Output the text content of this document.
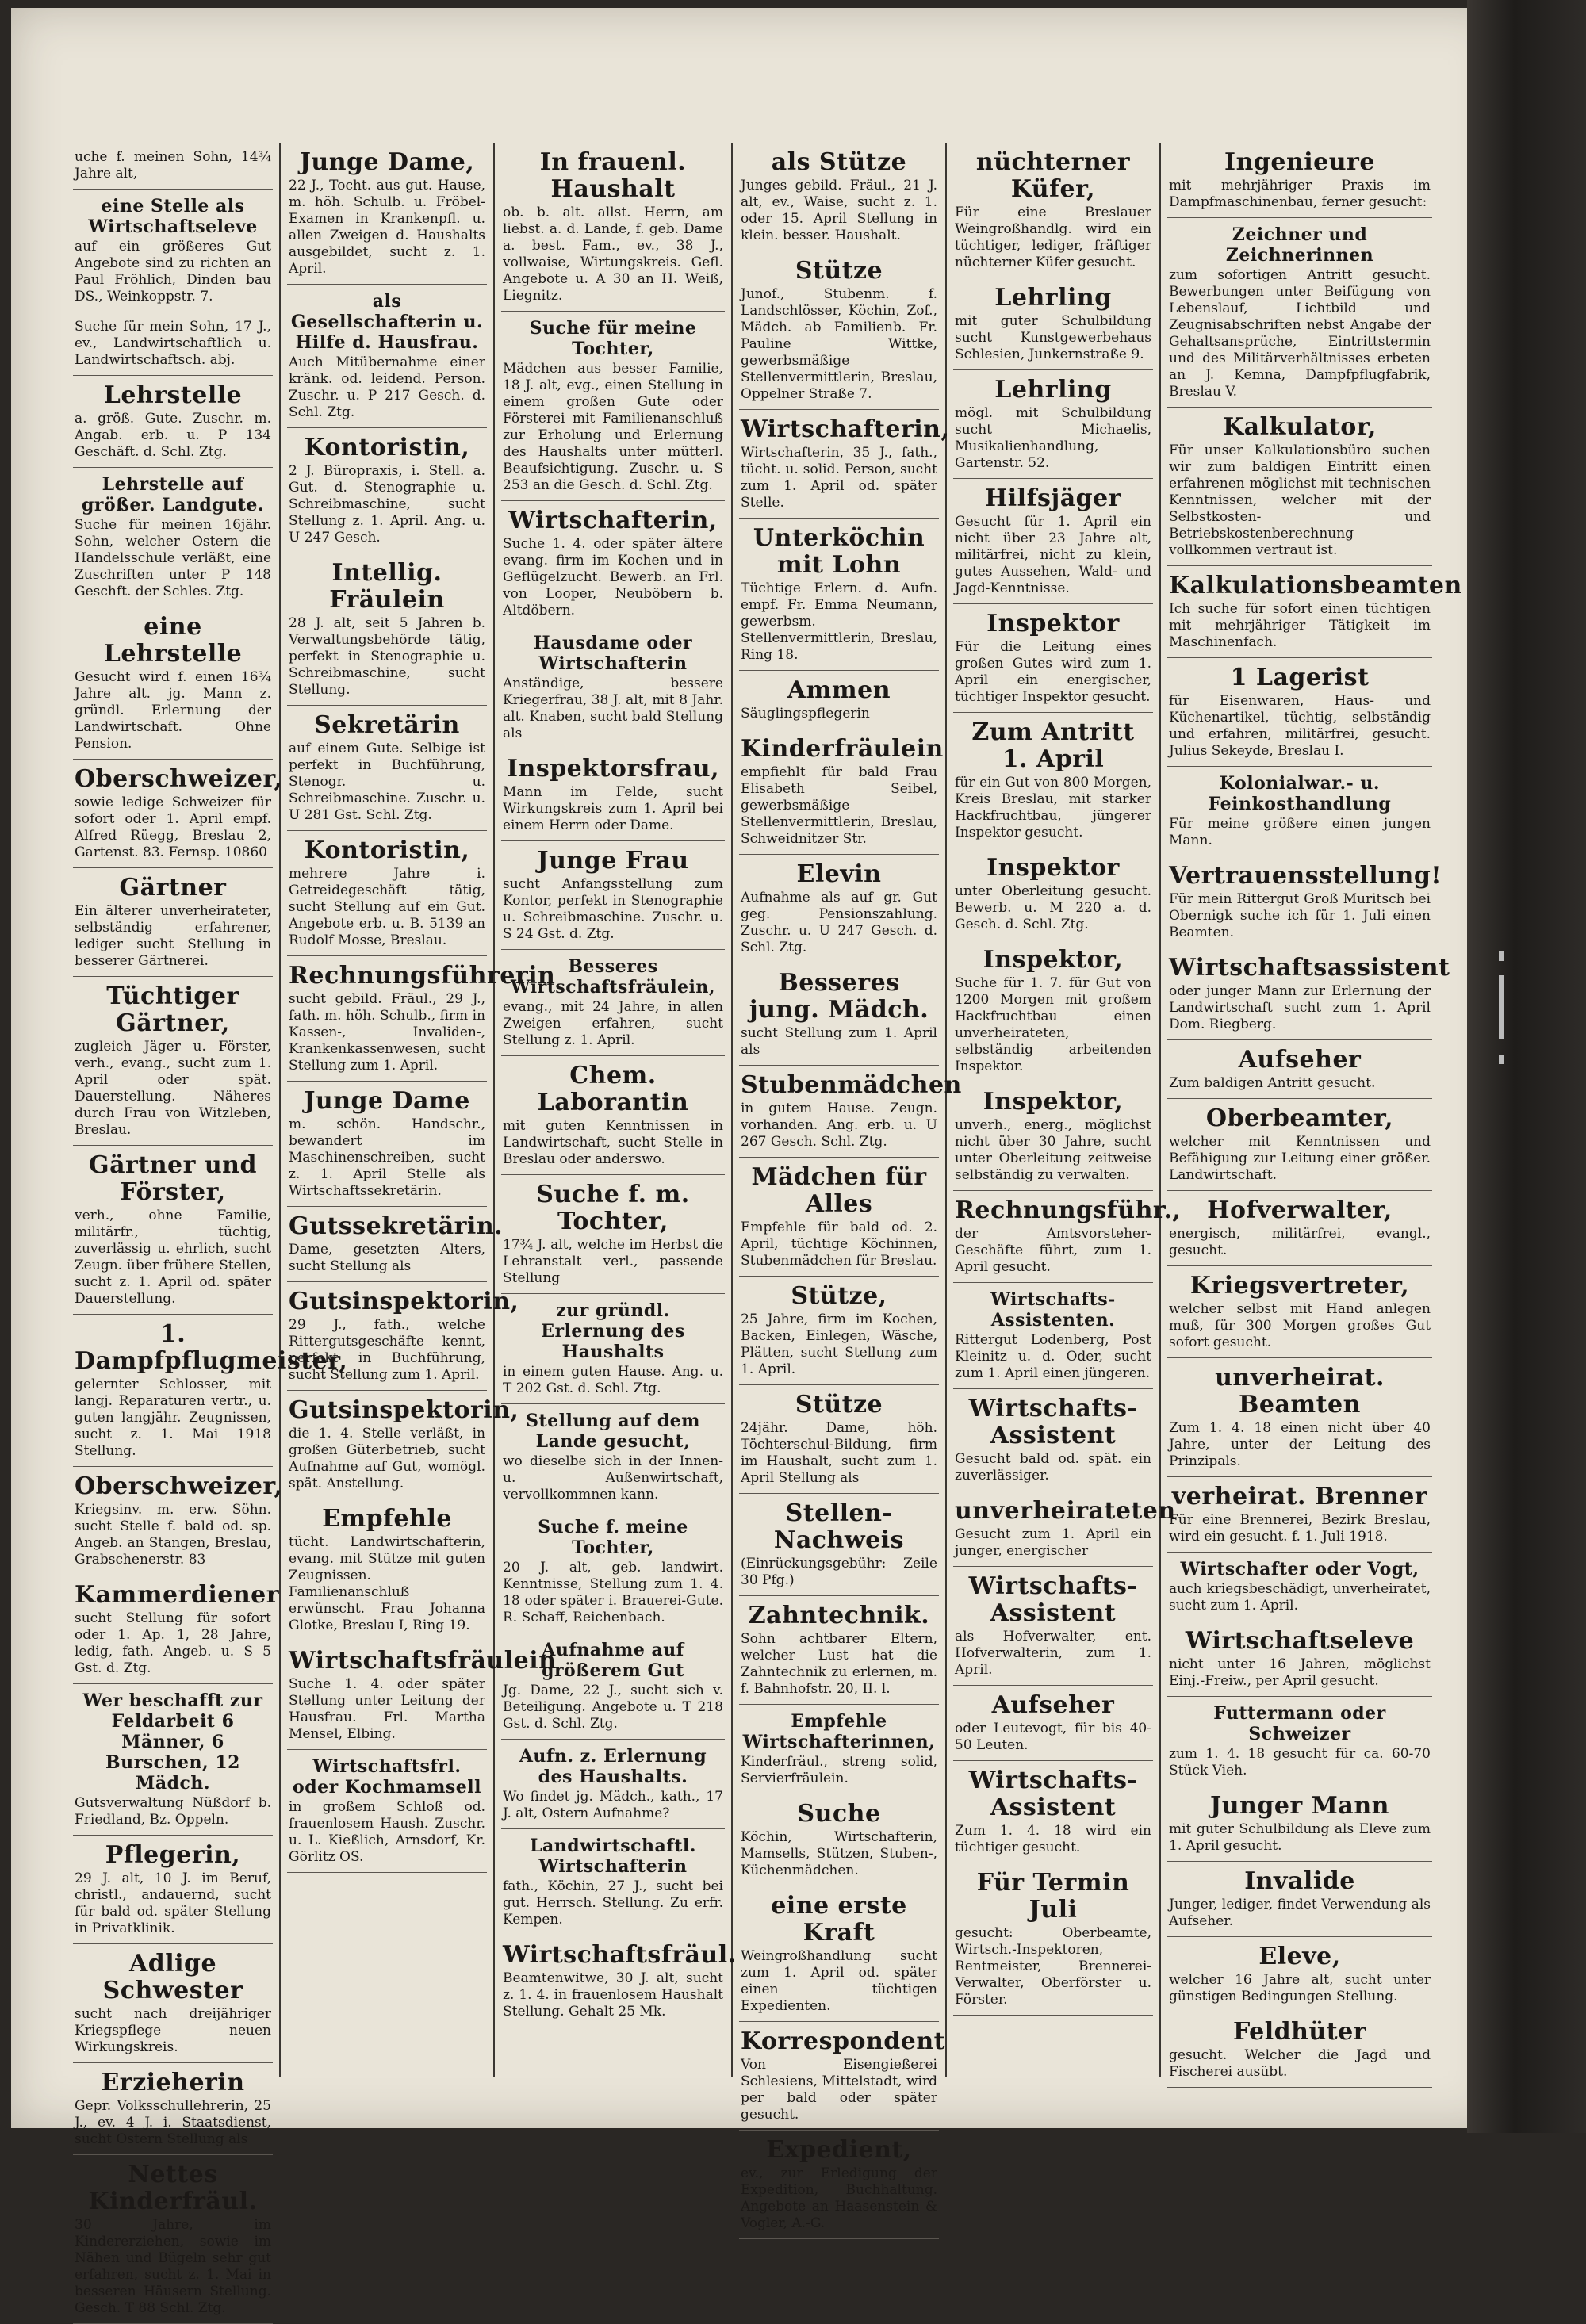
uche f. meinen Sohn, 14¾ Jahre alt,

eine Stelle als Wirtschaftseleve

auf ein größeres Gut Angebote sind zu richten an Paul Fröhlich, Dinden bau DS., Weinkoppstr. 7.

Suche für mein Sohn, 17 J., ev., Landwirtschaftlich u. Landwirtschaftsch. abj.

Lehrstelle

a. größ. Gute. Zuschr. m. Angab. erb. u. P 134 Geschäft. d. Schl. Ztg.

Lehrstelle auf größer. Landgute.

Suche für meinen 16jähr. Sohn, welcher Ostern die Handelsschule verläßt, eine Zuschriften unter P 148 Geschft. der Schles. Ztg.

eine Lehrstelle

Gesucht wird f. einen 16¾ Jahre alt. jg. Mann z. gründl. Erlernung der Landwirtschaft. Ohne Pension.

Oberschweizer,

sowie ledige Schweizer für sofort oder 1. April empf. Alfred Rüegg, Breslau 2, Gartenst. 83. Fernsp. 10860

Gärtner

Ein älterer unverheirateter, selbständig erfahrener, lediger sucht Stellung in besserer Gärtnerei.

Tüchtiger Gärtner,

zugleich Jäger u. Förster, verh., evang., sucht zum 1. April oder spät. Dauerstellung. Näheres durch Frau von Witzleben, Breslau.

Gärtner und Förster,

verh., ohne Familie, militärfr., tüchtig, zuverlässig u. ehrlich, sucht Zeugn. über frühere Stellen, sucht z. 1. April od. später Dauerstellung.

1. Dampfpflugmeister,

gelernter Schlosser, mit langj. Reparaturen vertr., u. guten langjähr. Zeugnissen, sucht z. 1. Mai 1918 Stellung.

Oberschweizer,

Kriegsinv. m. erw. Söhn. sucht Stelle f. bald od. sp. Angeb. an Stangen, Breslau, Grabschenerstr. 83

Kammerdiener

sucht Stellung für sofort oder 1. Ap. 1, 28 Jahre, ledig, fath. Angeb. u. S 5 Gst. d. Ztg.

Wer beschafft zur Feldarbeit 6 Männer, 6 Burschen, 12 Mädch.

Gutsverwaltung Nüßdorf b. Friedland, Bz. Oppeln.

Pflegerin,

29 J. alt, 10 J. im Beruf, christl., andauernd, sucht für bald od. später Stellung in Privatklinik.

Adlige Schwester

sucht nach dreijähriger Kriegspflege neuen Wirkungskreis.

Erzieherin

Gepr. Volksschullehrerin, 25 J., ev. 4 J. i. Staatsdienst, sucht Ostern Stellung als

Nettes Kinderfräul.

30 Jahre, im Kindererziehen, sowie im Nähen und Bügeln sehr gut erfahren, sucht z. 1. Mai in besseren Häusern Stellung. Gesch. T 88 Schl. Ztg.

Junge Dame,

22 J., Tocht. aus gut. Hause, m. höh. Schulb. u. Fröbel-Examen in Krankenpfl. u. allen Zweigen d. Haushalts ausgebildet, sucht z. 1. April.

als Gesellschafterin u. Hilfe d. Hausfrau.

Auch Mitübernahme einer kränk. od. leidend. Person. Zuschr. u. P 217 Gesch. d. Schl. Ztg.

Kontoristin,

2 J. Büropraxis, i. Stell. a. Gut. d. Stenographie u. Schreibmaschine, sucht Stellung z. 1. April. Ang. u. U 247 Gesch.

Intellig. Fräulein

28 J. alt, seit 5 Jahren b. Verwaltungsbehörde tätig, perfekt in Stenographie u. Schreibmaschine, sucht Stellung.

Sekretärin

auf einem Gute. Selbige ist perfekt in Buchführung, Stenogr. u. Schreibmaschine. Zuschr. u. U 281 Gst. Schl. Ztg.

Kontoristin,

mehrere Jahre i. Getreidegeschäft tätig, sucht Stellung auf ein Gut. Angebote erb. u. B. 5139 an Rudolf Mosse, Breslau.

Rechnungsführerin

sucht gebild. Fräul., 29 J., fath. m. höh. Schulb., firm in Kassen-, Invaliden-, Krankenkassenwesen, sucht Stellung zum 1. April.

Junge Dame

m. schön. Handschr., bewandert im Maschinenschreiben, sucht z. 1. April Stelle als Wirtschaftssekretärin.

Gutssekretärin.

Dame, gesetzten Alters, sucht Stellung als

Gutsinspektorin,

29 J., fath., welche Rittergutsgeschäfte kennt, perfekt in Buchführung, sucht Stellung zum 1. April.

Gutsinspektorin,

die 1. 4. Stelle verläßt, in großen Güterbetrieb, sucht Aufnahme auf Gut, womögl. spät. Anstellung.

Empfehle

tücht. Landwirtschafterin, evang. mit Stütze mit guten Zeugnissen. Familienanschluß erwünscht. Frau Johanna Glotke, Breslau I, Ring 19.

Wirtschaftsfräulein

Suche 1. 4. oder später Stellung unter Leitung der Hausfrau. Frl. Martha Mensel, Elbing.

Wirtschaftsfrl. oder Kochmamsell

in großem Schloß od. frauenlosem Haush. Zuschr. u. L. Kießlich, Arnsdorf, Kr. Görlitz OS.

In frauenl. Haushalt

ob. b. alt. allst. Herrn, am liebst. a. d. Lande, f. geb. Dame a. best. Fam., ev., 38 J., vollwaise, Wirtungskreis. Gefl. Angebote u. A 30 an H. Weiß, Liegnitz.

Suche für meine Tochter,

Mädchen aus besser Familie, 18 J. alt, evg., einen Stellung in einem großen Gute oder Försterei mit Familienanschluß zur Erholung und Erlernung des Haushalts unter mütterl. Beaufsichtigung. Zuschr. u. S 253 an die Gesch. d. Schl. Ztg.

Wirtschafterin,

Suche 1. 4. oder später ältere evang. firm im Kochen und in Geflügelzucht. Bewerb. an Frl. von Looper, Neuböbern b. Altdöbern.

Hausdame oder Wirtschafterin

Anständige, bessere Kriegerfrau, 38 J. alt, mit 8 Jahr. alt. Knaben, sucht bald Stellung als

Inspektorsfrau,

Mann im Felde, sucht Wirkungskreis zum 1. April bei einem Herrn oder Dame.

Junge Frau

sucht Anfangsstellung zum Kontor, perfekt in Stenographie u. Schreibmaschine. Zuschr. u. S 24 Gst. d. Ztg.

Besseres Wirtschaftsfräulein,

evang., mit 24 Jahre, in allen Zweigen erfahren, sucht Stellung z. 1. April.

Chem. Laborantin

mit guten Kenntnissen in Landwirtschaft, sucht Stelle in Breslau oder anderswo.

Suche f. m. Tochter,

17¾ J. alt, welche im Herbst die Lehranstalt verl., passende Stellung

zur gründl. Erlernung des Haushalts

in einem guten Hause. Ang. u. T 202 Gst. d. Schl. Ztg.

Stellung auf dem Lande gesucht,

wo dieselbe sich in der Innen- u. Außenwirtschaft, vervollkommnen kann.

Suche f. meine Tochter,

20 J. alt, geb. landwirt. Kenntnisse, Stellung zum 1. 4. 18 oder später i. Brauerei-Gute. R. Schaff, Reichenbach.

Aufnahme auf größerem Gut

Jg. Dame, 22 J., sucht sich v. Beteiligung. Angebote u. T 218 Gst. d. Schl. Ztg.

Aufn. z. Erlernung des Haushalts.

Wo findet jg. Mädch., kath., 17 J. alt, Ostern Aufnahme?

Landwirtschaftl. Wirtschafterin

fath., Köchin, 27 J., sucht bei gut. Herrsch. Stellung. Zu erfr. Kempen.

Wirtschaftsfräul.

Beamtenwitwe, 30 J. alt, sucht z. 1. 4. in frauenlosem Haushalt Stellung. Gehalt 25 Mk.

als Stütze

Junges gebild. Fräul., 21 J. alt, ev., Waise, sucht z. 1. oder 15. April Stellung in klein. besser. Haushalt.

Stütze

Junof., Stubenm. f. Landschlösser, Köchin, Zof., Mädch. ab Familienb. Fr. Pauline Wittke, gewerbsmäßige Stellenvermittlerin, Breslau, Oppelner Straße 7.

Wirtschafterin,

Wirtschafterin, 35 J., fath., tücht. u. solid. Person, sucht zum 1. April od. später Stelle.

Unterköchin mit Lohn

Tüchtige Erlern. d. Aufn. empf. Fr. Emma Neumann, gewerbsm. Stellenvermittlerin, Breslau, Ring 18.

Ammen

Säuglingspflegerin

Kinderfräulein

empfiehlt für bald Frau Elisabeth Seibel, gewerbsmäßige Stellenvermittlerin, Breslau, Schweidnitzer Str.

Elevin

Aufnahme als auf gr. Gut geg. Pensionszahlung. Zuschr. u. U 247 Gesch. d. Schl. Ztg.

Besseres jung. Mädch.

sucht Stellung zum 1. April als

Stubenmädchen

in gutem Hause. Zeugn. vorhanden. Ang. erb. u. U 267 Gesch. Schl. Ztg.

Mädchen für Alles

Empfehle für bald od. 2. April, tüchtige Köchinnen, Stubenmädchen für Breslau.

Stütze,

25 Jahre, firm im Kochen, Backen, Einlegen, Wäsche, Plätten, sucht Stellung zum 1. April.

Stütze

24jähr. Dame, höh. Töchterschul-Bildung, firm im Haushalt, sucht zum 1. April Stellung als

Stellen-Nachweis

(Einrückungsgebühr: Zeile 30 Pfg.)

Zahntechnik.

Sohn achtbarer Eltern, welcher Lust hat die Zahntechnik zu erlernen, m. f. Bahnhofstr. 20, II. l.

Empfehle Wirtschafterinnen,

Kinderfräul., streng solid, Servierfräulein.

Suche

Köchin, Wirtschafterin, Mamsells, Stützen, Stuben-, Küchenmädchen.

eine erste Kraft

Weingroßhandlung sucht zum 1. April od. später einen tüchtigen Expedienten.

Korrespondent

Von Eisengießerei Schlesiens, Mittelstadt, wird per bald oder später gesucht.

Expedient,

ev., zur Erledigung der Expedition, Buchhaltung. Angebote an Haasenstein & Vogler, A.-G.

nüchterner Küfer,

Für eine Breslauer Weingroßhandlg. wird ein tüchtiger, lediger, fräftiger nüchterner Küfer gesucht.

Lehrling

mit guter Schulbildung sucht Kunstgewerbehaus Schlesien, Junkernstraße 9.

Lehrling

mögl. mit Schulbildung sucht Michaelis, Musikalienhandlung, Gartenstr. 52.

Hilfsjäger

Gesucht für 1. April ein nicht über 23 Jahre alt, militärfrei, nicht zu klein, gutes Aussehen, Wald- und Jagd-Kenntnisse.

Inspektor

Für die Leitung eines großen Gutes wird zum 1. April ein energischer, tüchtiger Inspektor gesucht.

Zum Antritt 1. April

für ein Gut von 800 Morgen, Kreis Breslau, mit starker Hackfruchtbau, jüngerer Inspektor gesucht.

Inspektor

unter Oberleitung gesucht. Bewerb. u. M 220 a. d. Gesch. d. Schl. Ztg.

Inspektor,

Suche für 1. 7. für Gut von 1200 Morgen mit großem Hackfruchtbau einen unverheirateten, selbständig arbeitenden Inspektor.

Inspektor,

unverh., energ., möglichst nicht über 30 Jahre, sucht unter Oberleitung zeitweise selbständig zu verwalten.

Rechnungsführ.,

der Amtsvorsteher-Geschäfte führt, zum 1. April gesucht.

Wirtschafts-Assistenten.

Rittergut Lodenberg, Post Kleinitz u. d. Oder, sucht zum 1. April einen jüngeren.

Wirtschafts-Assistent

Gesucht bald od. spät. ein zuverlässiger.

unverheirateten

Gesucht zum 1. April ein junger, energischer

Wirtschafts-Assistent

als Hofverwalter, ent. Hofverwalterin, zum 1. April.

Aufseher

oder Leutevogt, für bis 40-50 Leuten.

Wirtschafts-Assistent

Zum 1. 4. 18 wird ein tüchtiger gesucht.

Für Termin Juli

gesucht: Oberbeamte, Wirtsch.-Inspektoren, Rentmeister, Brennerei-Verwalter, Oberförster u. Förster.

Ingenieure

mit mehrjähriger Praxis im Dampfmaschinenbau, ferner gesucht:

Zeichner und Zeichnerinnen

zum sofortigen Antritt gesucht. Bewerbungen unter Beifügung von Lebenslauf, Lichtbild und Zeugnisabschriften nebst Angabe der Gehaltsansprüche, Eintrittstermin und des Militärverhältnisses erbeten an J. Kemna, Dampfpflugfabrik, Breslau V.

Kalkulator,

Für unser Kalkulationsbüro suchen wir zum baldigen Eintritt einen erfahrenen möglichst mit technischen Kenntnissen, welcher mit der Selbstkosten- und Betriebskostenberechnung vollkommen vertraut ist.

Kalkulationsbeamten

Ich suche für sofort einen tüchtigen mit mehrjähriger Tätigkeit im Maschinenfach.

1 Lagerist

für Eisenwaren, Haus- und Küchenartikel, tüchtig, selbständig und erfahren, militärfrei, gesucht. Julius Sekeyde, Breslau I.

Kolonialwar.- u. Feinkosthandlung

Für meine größere einen jungen Mann.

Vertrauensstellung!

Für mein Rittergut Groß Muritsch bei Obernigk suche ich für 1. Juli einen Beamten.

Wirtschaftsassistent

oder junger Mann zur Erlernung der Landwirtschaft sucht zum 1. April Dom. Riegberg.

Aufseher

Zum baldigen Antritt gesucht.

Oberbeamter,

welcher mit Kenntnissen und Befähigung zur Leitung einer größer. Landwirtschaft.

Hofverwalter,

energisch, militärfrei, evangl., gesucht.

Kriegsvertreter,

welcher selbst mit Hand anlegen muß, für 300 Morgen großes Gut sofort gesucht.

unverheirat. Beamten

Zum 1. 4. 18 einen nicht über 40 Jahre, unter der Leitung des Prinzipals.

verheirat. Brenner

Für eine Brennerei, Bezirk Breslau, wird ein gesucht. f. 1. Juli 1918.

Wirtschafter oder Vogt,

auch kriegsbeschädigt, unverheiratet, sucht zum 1. April.

Wirtschaftseleve

nicht unter 16 Jahren, möglichst Einj.-Freiw., per April gesucht.

Futtermann oder Schweizer

zum 1. 4. 18 gesucht für ca. 60-70 Stück Vieh.

Junger Mann

mit guter Schulbildung als Eleve zum 1. April gesucht.

Invalide

Junger, lediger, findet Verwendung als Aufseher.

Eleve,

welcher 16 Jahre alt, sucht unter günstigen Bedingungen Stellung.

Feldhüter

gesucht. Welcher die Jagd und Fischerei ausübt.
